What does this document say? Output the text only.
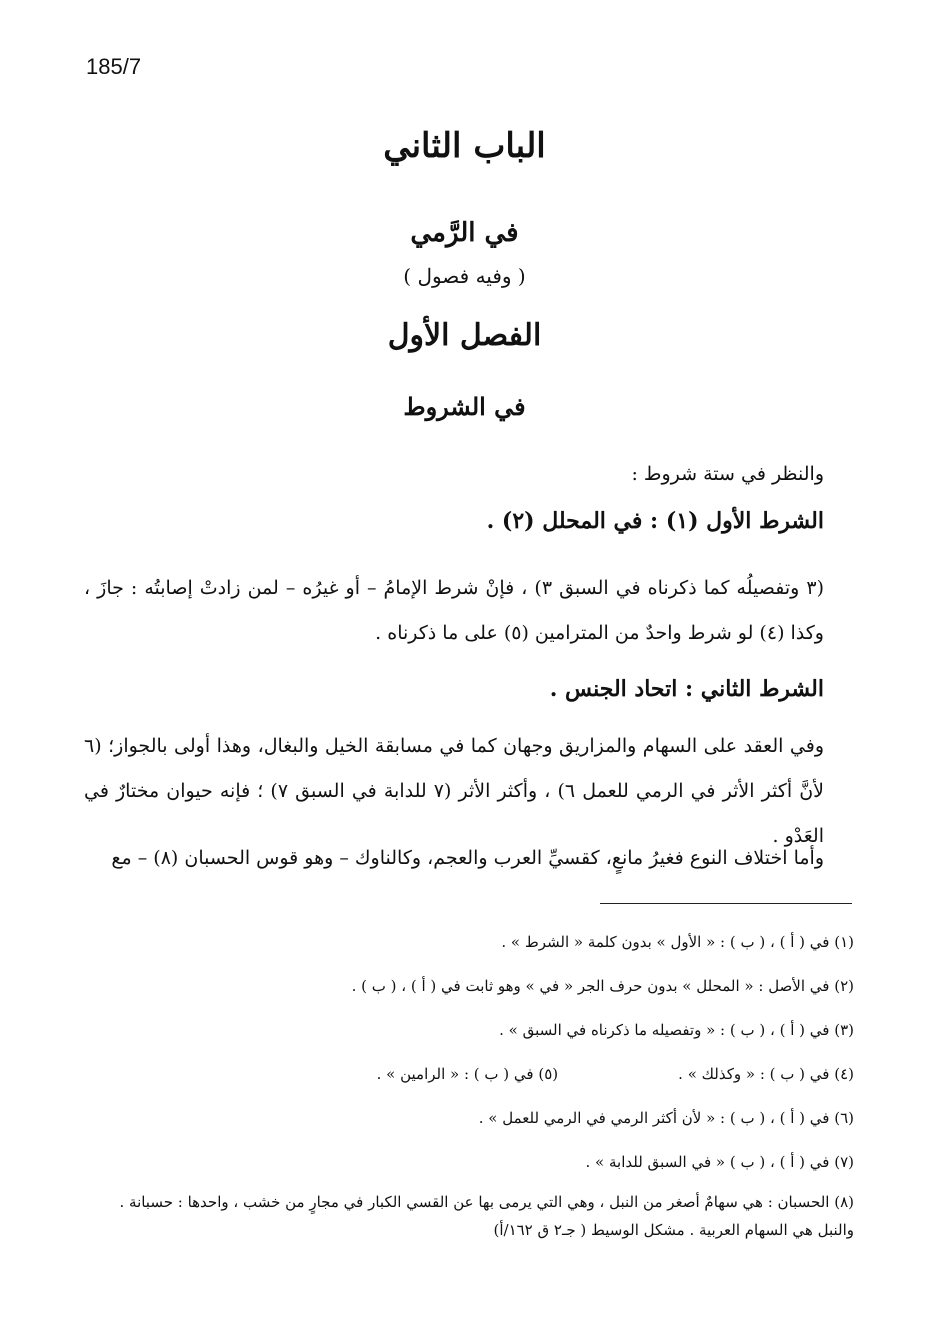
185/7
الباب الثاني
في الرَّمي
( وفيه فصول )
الفصل الأول
في الشروط
والنظر في ستة شروط :
الشرط الأول (١) : في المحلل (٢) .
(٣ وتفصيلُه كما ذكرناه في السبق ٣) ، فإنْ شرط الإمامُ – أو غيرُه – لمن زادتْ إصابتُه : جازَ ، وكذا (٤) لو شرط واحدٌ من المترامين (٥) على ما ذكرناه .
الشرط الثاني : اتحاد الجنس .
وفي العقد على السهام والمزاريق وجهان كما في مسابقة الخيل والبغال، وهذا أولى بالجواز؛ (٦ لأنَّ أكثر الأثر في الرمي للعمل ٦) ، وأكثر الأثر (٧ للدابة في السبق ٧) ؛ فإنه حيوان مختارٌ في العَدْو .
وأما اختلاف النوع فغيرُ مانعٍ، كقسيِّ العرب والعجم، وكالناوك – وهو قوس الحسبان (٨) – مع
(١) في ( أ ) ، ( ب ) : « الأول » بدون كلمة « الشرط » .
(٢) في الأصل : « المحلل » بدون حرف الجر « في » وهو ثابت في ( أ ) ، ( ب ) .
(٣) في ( أ ) ، ( ب ) : « وتفصيله ما ذكرناه في السبق » .
(٤) في ( ب ) : « وكذلك » .
(٥) في ( ب ) : « الرامين » .
(٦) في ( أ ) ، ( ب ) : « لأن أكثر الرمي في الرمي للعمل » .
(٧) في ( أ ) ، ( ب ) « في السبق للدابة » .
(٨) الحسبان : هي سهامٌ أصغر من النبل ، وهي التي يرمى بها عن القسي الكبار في مجارٍ من خشب ، واحدها : حسبانة . والنبل هي السهام العربية . مشكل الوسيط ( جـ٢ ق ١٦٢/أ)
